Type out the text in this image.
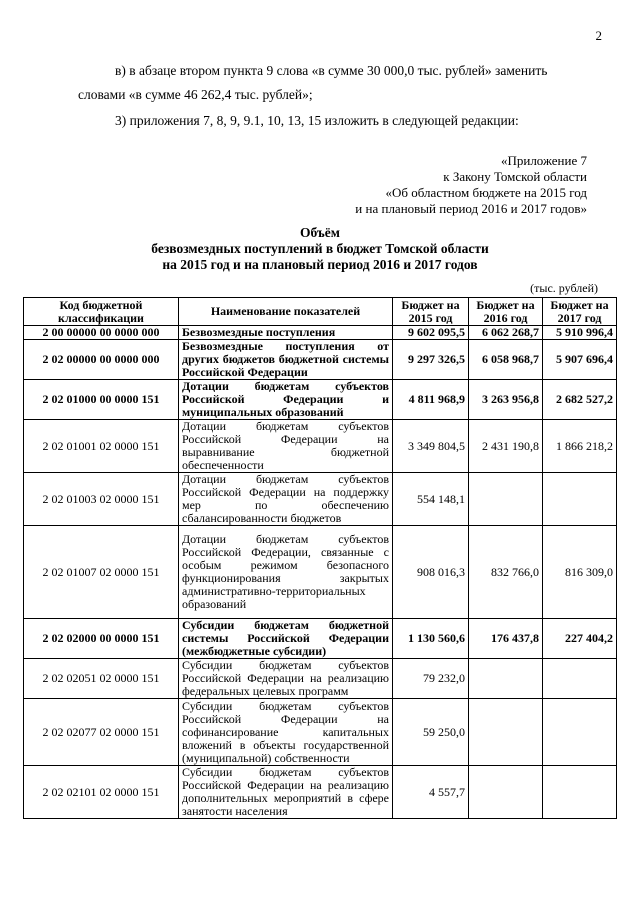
2
в) в абзаце втором пункта 9 слова «в сумме 30 000,0 тыс. рублей» заменить
словами «в сумме 46 262,4 тыс. рублей»;
3) приложения 7, 8, 9, 9.1, 10, 13, 15 изложить в следующей редакции:
«Приложение 7
к Закону Томской области
«Об областном бюджете на 2015 год
и на плановый период 2016 и 2017 годов»
Объём
безвозмездных поступлений в бюджет Томской области
на 2015 год и на плановый период 2016 и 2017 годов
(тыс. рублей)
Код бюджетной классификации	Наименование показателей	Бюджет на 2015 год	Бюджет на 2016 год	Бюджет на 2017 год
2 00 00000 00 0000 000	Безвозмездные поступления	9 602 095,5	6 062 268,7	5 910 996,4
2 02 00000 00 0000 000	Безвозмездные поступления от других бюджетов бюджетной системы Российской Федерации	9 297 326,5	6 058 968,7	5 907 696,4
2 02 01000 00 0000 151	Дотации бюджетам субъектов Российской Федерации и муниципальных образований	4 811 968,9	3 263 956,8	2 682 527,2
2 02 01001 02 0000 151	Дотации бюджетам субъектов Российской Федерации на выравнивание бюджетной обеспеченности	3 349 804,5	2 431 190,8	1 866 218,2
2 02 01003 02 0000 151	Дотации бюджетам субъектов Российской Федерации на поддержку мер по обеспечению сбалансированности бюджетов	554 148,1		
2 02 01007 02 0000 151	Дотации бюджетам субъектов Российской Федерации, связанные с особым режимом безопасного функционирования закрытых административно-территориальных образований	908 016,3	832 766,0	816 309,0
2 02 02000 00 0000 151	Субсидии бюджетам бюджетной системы Российской Федерации (межбюджетные субсидии)	1 130 560,6	176 437,8	227 404,2
2 02 02051 02 0000 151	Субсидии бюджетам субъектов Российской Федерации на реализацию федеральных целевых программ	79 232,0		
2 02 02077 02 0000 151	Субсидии бюджетам субъектов Российской Федерации на софинансирование капитальных вложений в объекты государственной (муниципальной) собственности	59 250,0		
2 02 02101 02 0000 151	Субсидии бюджетам субъектов Российской Федерации на реализацию дополнительных мероприятий в сфере занятости населения	4 557,7		
